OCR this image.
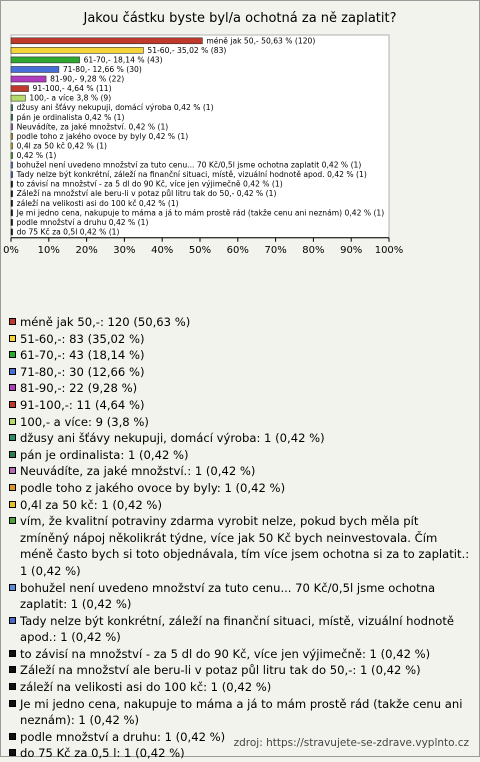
Jakou částku byste byl/a ochotná za ně zaplatit?
méně jak 50,- 50,63 % (120)
51-60,- 35,02 % (83)
61-70,- 18,14 % (43)
71-80,- 12,66 % (30)
81-90,- 9,28 % (22)
91-100,- 4,64 % (11)
100,- a více 3,8 % (9)
džusy ani šťávy nekupuji, domácí výroba 0,42 % (1)
pán je ordinalista 0,42 % (1)
Neuvádíte, za jaké množství. 0,42 % (1)
podle toho z jakého ovoce by byly 0,42 % (1)
0,4l za 50 kč 0,42 % (1)
0,42 % (1)
bohužel není uvedeno množství za tuto cenu... 70 Kč/0,5l jsme ochotna zaplatit 0,42 % (1)
Tady nelze být konkrétní, záleží na finanční situaci, místě, vizuální hodnotě apod. 0,42 % (1)
to závisí na množství - za 5 dl do 90 Kč, více jen výjimečně 0,42 % (1)
Záleží na množství ale beru-li v potaz půl litru tak do 50,- 0,42 % (1)
záleží na velikosti asi do 100 kč 0,42 % (1)
Je mi jedno cena, nakupuje to máma a já to mám prostě rád (takže cenu ani neznám) 0,42 % (1)
podle množství a druhu 0,42 % (1)
do 75 Kč za 0,5l 0,42 % (1)
0% 10% 20% 30% 40% 50% 60% 70% 80% 90% 100%
méně jak 50,-: 120 (50,63 %)
51-60,-: 83 (35,02 %)
61-70,-: 43 (18,14 %)
71-80,-: 30 (12,66 %)
81-90,-: 22 (9,28 %)
91-100,-: 11 (4,64 %)
100,- a více: 9 (3,8 %)
džusy ani šťávy nekupuji, domácí výroba: 1 (0,42 %)
pán je ordinalista: 1 (0,42 %)
Neuvádíte, za jaké množství.: 1 (0,42 %)
podle toho z jakého ovoce by byly: 1 (0,42 %)
0,4l za 50 kč: 1 (0,42 %)
vím, že kvalitní potraviny zdarma vyrobit nelze, pokud bych měla pít zmíněný nápoj několikrát týdne, více jak 50 Kč bych neinvestovala. Čím méně často bych si toto objednávala, tím více jsem ochotna si za to zaplatit.: 1 (0,42 %)
bohužel není uvedeno množství za tuto cenu... 70 Kč/0,5l jsme ochotna zaplatit: 1 (0,42 %)
Tady nelze být konkrétní, záleží na finanční situaci, místě, vizuální hodnotě apod.: 1 (0,42 %)
to závisí na množství - za 5 dl do 90 Kč, více jen výjimečně: 1 (0,42 %)
Záleží na množství ale beru-li v potaz půl litru tak do 50,-: 1 (0,42 %)
záleží na velikosti asi do 100 kč: 1 (0,42 %)
Je mi jedno cena, nakupuje to máma a já to mám prostě rád (takže cenu ani neznám): 1 (0,42 %)
podle množství a druhu: 1 (0,42 %)
do 75 Kč za 0,5 l: 1 (0,42 %)
zdroj: https://stravujete-se-zdrave.vyplnto.cz
